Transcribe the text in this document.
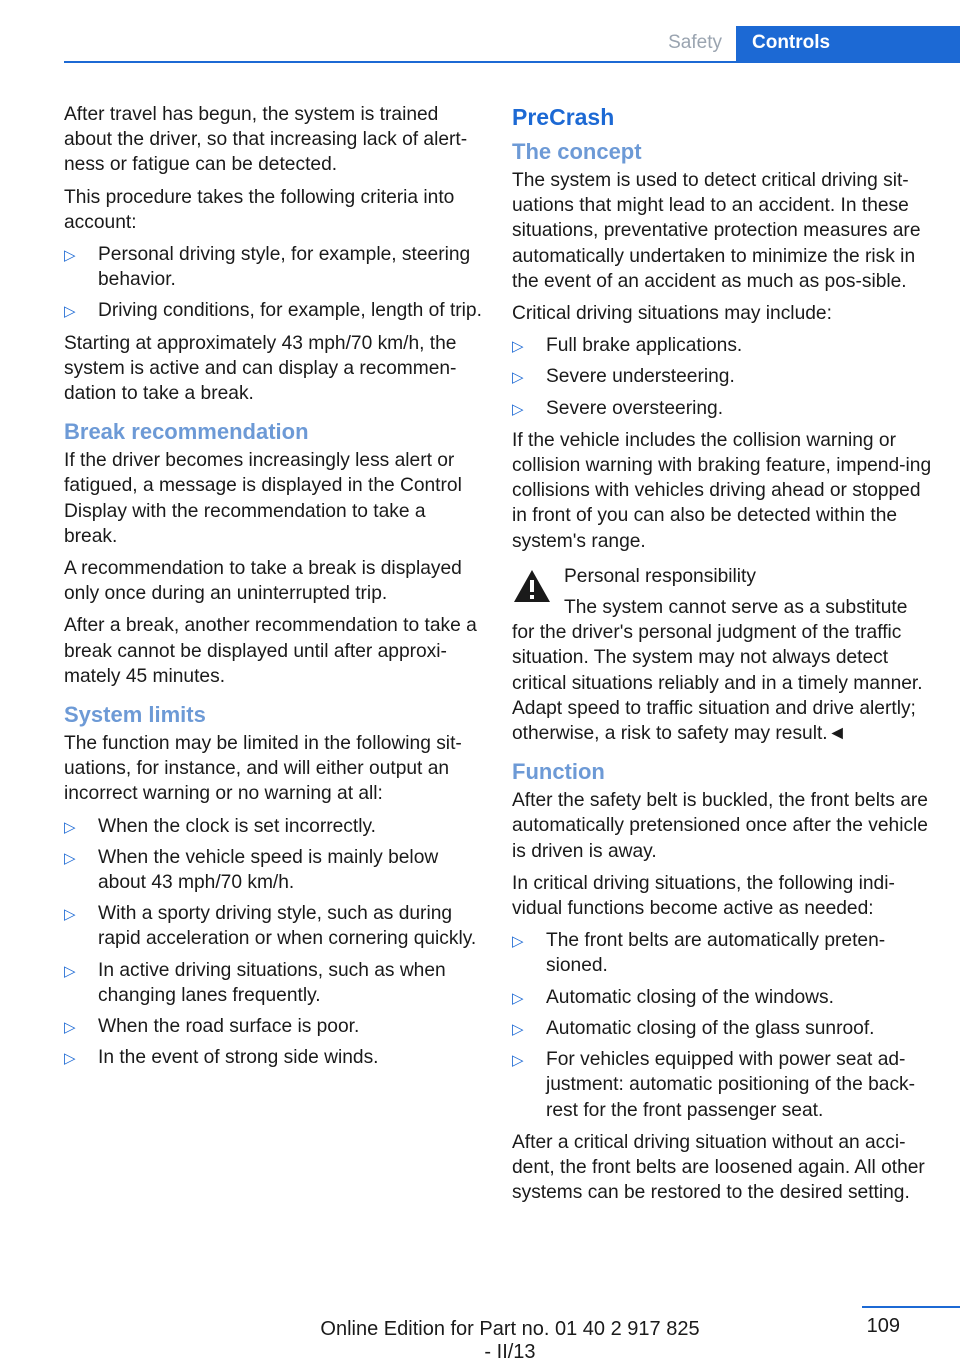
Safety	Controls

After travel has begun, the system is trained about the driver, so that increasing lack of alert‐ness or fatigue can be detected.

This procedure takes the following criteria into account:

▷ Personal driving style, for example, steering behavior.
▷ Driving conditions, for example, length of trip.

Starting at approximately 43 mph/70 km/h, the system is active and can display a recommen‐dation to take a break.

Break recommendation

If the driver becomes increasingly less alert or fatigued, a message is displayed in the Control Display with the recommendation to take a break.

A recommendation to take a break is displayed only once during an uninterrupted trip.

After a break, another recommendation to take a break cannot be displayed until after approxi‐mately 45 minutes.

System limits

The function may be limited in the following sit‐uations, for instance, and will either output an incorrect warning or no warning at all:

▷ When the clock is set incorrectly.
▷ When the vehicle speed is mainly below about 43 mph/70 km/h.
▷ With a sporty driving style, such as during rapid acceleration or when cornering quickly.
▷ In active driving situations, such as when changing lanes frequently.
▷ When the road surface is poor.
▷ In the event of strong side winds.
PreCrash
The concept

The system is used to detect critical driving sit‐uations that might lead to an accident. In these situations, preventative protection measures are automatically undertaken to minimize the risk in the event of an accident as much as pos‐sible.

Critical driving situations may include:

▷ Full brake applications.
▷ Severe understeering.
▷ Severe oversteering.

If the vehicle includes the collision warning or collision warning with braking feature, impend‐ing collisions with vehicles driving ahead or stopped in front of you can also be detected within the system's range.

Personal responsibility
The system cannot serve as a substitute
for the driver's personal judgment of the traffic situation. The system may not always detect critical situations reliably and in a timely manner. Adapt speed to traffic situation and drive alertly; otherwise, a risk to safety may result.◄
Function

After the safety belt is buckled, the front belts are automatically pretensioned once after the vehicle is driven is away.

In critical driving situations, the following indi‐vidual functions become active as needed:

▷ The front belts are automatically preten‐sioned.
▷ Automatic closing of the windows.
▷ Automatic closing of the glass sunroof.
▷ For vehicles equipped with power seat ad‐justment: automatic positioning of the back‐rest for the front passenger seat.

After a critical driving situation without an acci‐dent, the front belts are loosened again. All other systems can be restored to the desired setting.

109
Online Edition for Part no. 01 40 2 917 825 - II/13
